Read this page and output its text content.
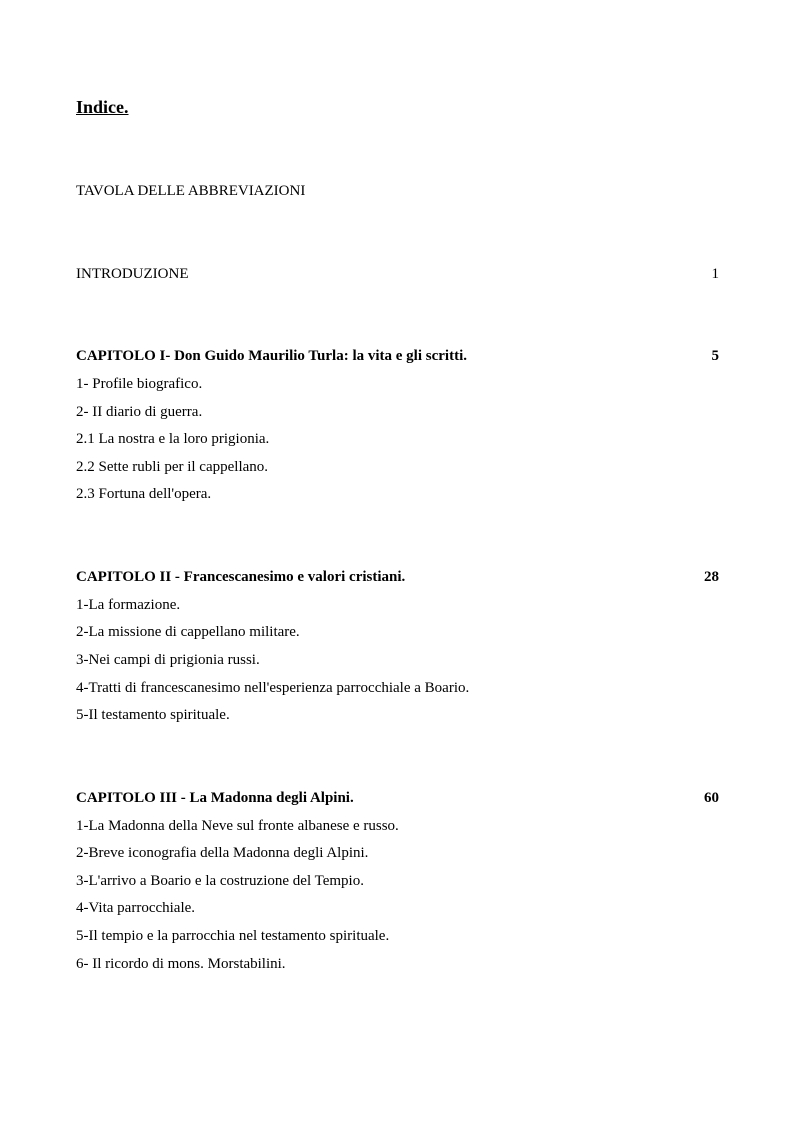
Indice.
TAVOLA DELLE ABBREVIAZIONI
INTRODUZIONE	1
CAPITOLO I- Don Guido Maurilio Turla: la vita e gli scritti.	5
1- Profile biografico.
2- II diario di guerra.
2.1 La nostra e la loro prigionia.
2.2 Sette rubli per il cappellano.
2.3 Fortuna dell'opera.
CAPITOLO II - Francescanesimo e valori cristiani.	28
1-La formazione.
2-La missione di cappellano militare.
3-Nei campi di prigionia russi.
4-Tratti di francescanesimo nell'esperienza parrocchiale a Boario.
5-Il testamento spirituale.
CAPITOLO III - La Madonna degli Alpini.	60
1-La Madonna della Neve sul fronte albanese e russo.
2-Breve iconografia della Madonna degli Alpini.
3-L'arrivo a Boario e la costruzione del Tempio.
4-Vita parrocchiale.
5-Il tempio e la parrocchia nel testamento spirituale.
6- Il ricordo di mons. Morstabilini.
